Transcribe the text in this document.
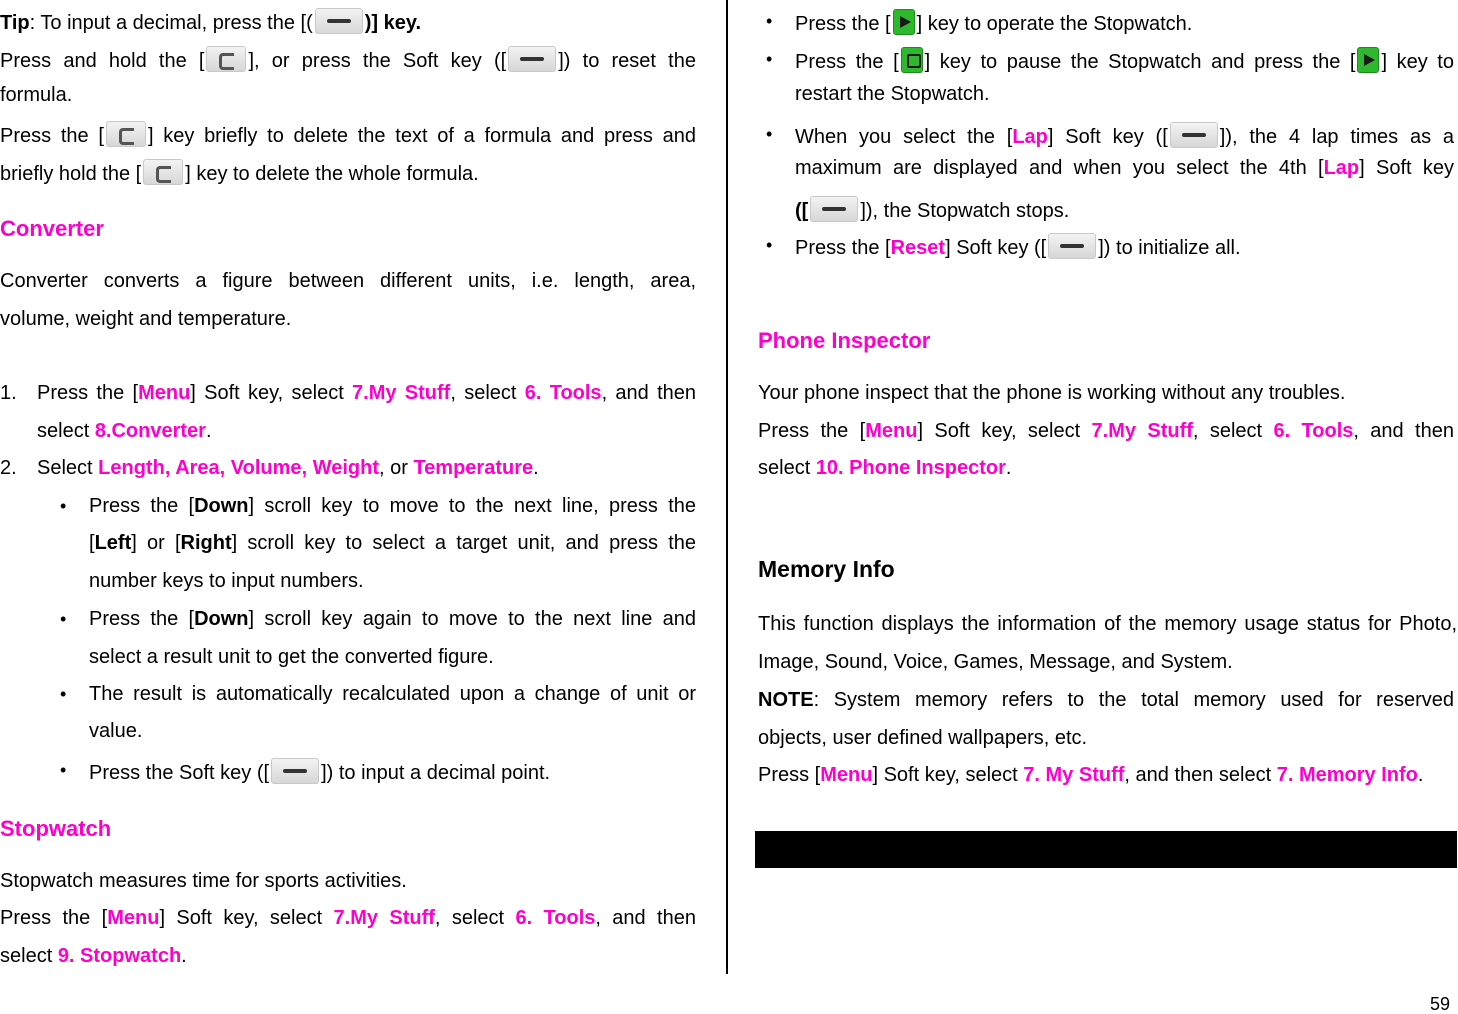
Tip: To input a decimal, press the [(	)] key.
Press and hold the [ ], or press the Soft key ([	]) to reset the
formula.
Press the [ ] key briefly to delete the text of a formula and press and
briefly hold the [ ] key to delete the whole formula.
Converter
Converter converts a figure between different units, i.e. length, area,
volume, weight and temperature.
1. Press the [Menu] Soft key, select 7.My Stuff, select 6. Tools, and then
select 8.Converter.
2. Select Length, Area, Volume, Weight, or Temperature.
• Press the [Down] scroll key to move to the next line, press the
[Left] or [Right] scroll key to select a target unit, and press the
number keys to input numbers.
• Press the [Down] scroll key again to move to the next line and
select a result unit to get the converted figure.
• The result is automatically recalculated upon a change of unit or
value.
• Press the Soft key ([	]) to input a decimal point.
Stopwatch
Stopwatch measures time for sports activities.
Press the [Menu] Soft key, select 7.My Stuff, select 6. Tools, and then
select 9. Stopwatch.
• Press the [ ] key to operate the Stopwatch.
• Press the [ ] key to pause the Stopwatch and press the [ ] key to
restart the Stopwatch.
• When you select the [Lap] Soft key ([	]), the 4 lap times as a
maximum are displayed and when you select the 4th [Lap] Soft key
([	]), the Stopwatch stops.
• Press the [Reset] Soft key ([	]) to initialize all.
Phone Inspector
Your phone inspect that the phone is working without any troubles.
Press the [Menu] Soft key, select 7.My Stuff, select 6. Tools, and then
select 10. Phone Inspector.
Memory Info
This function displays the information of the memory usage status for Photo,
Image, Sound, Voice, Games, Message, and System.
NOTE: System memory refers to the total memory used for reserved
objects, user defined wallpapers, etc.
Press [Menu] Soft key, select 7. My Stuff, and then select 7. Memory Info.
59
